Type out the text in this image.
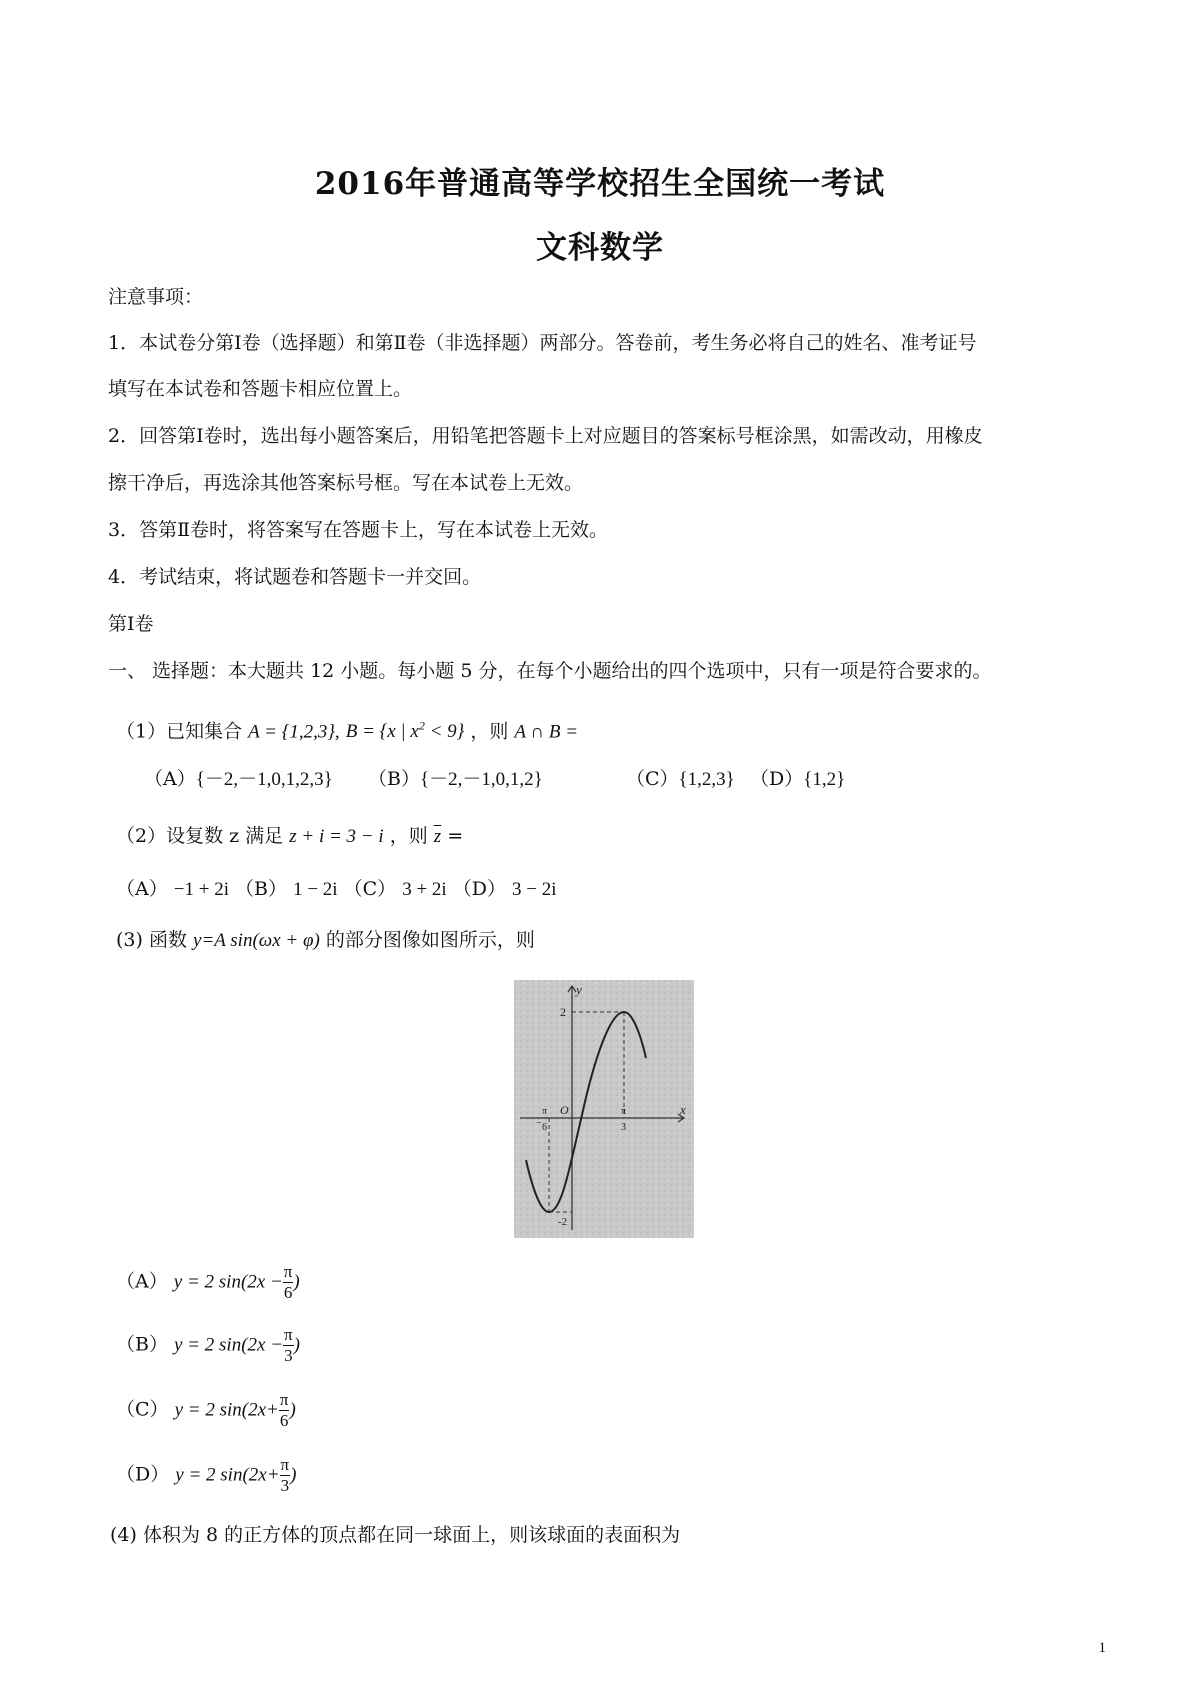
2016年普通高等学校招生全国统一考试
文科数学
注意事项：
1．本试卷分第Ⅰ卷（选择题）和第Ⅱ卷（非选择题）两部分。答卷前，考生务必将自己的姓名、准考证号
填写在本试卷和答题卡相应位置上。
2．回答第Ⅰ卷时，选出每小题答案后，用铅笔把答题卡上对应题目的答案标号框涂黑，如需改动，用橡皮
擦干净后，再选涂其他答案标号框。写在本试卷上无效。
3．答第Ⅱ卷时，将答案写在答题卡上，写在本试卷上无效。
4．考试结束，将试题卷和答题卡一并交回。
第Ⅰ卷
一、 选择题：本大题共 12 小题。每小题 5 分，在每个小题给出的四个选项中，只有一项是符合要求的。
（1）已知集合 A = {1,2,3}, B = {x | $x^2 < 9$} ，则 A ∩ B =
（A）{－2,－1,0,1,2,3} （B）{－2,－1,0,1,2}	（C）{1,2,3} （D）{1,2}
（2）设复数 z 满足 z + i = 3 − i ，则 $\overline{z}$ =
（A） −1 + 2i （B） 1 − 2i （C） 3 + 2i （D） 3 − 2i
(3) 函数 y=A sin(ωx + φ) 的部分图像如图所示，则
y
x
O
2
-2
−
π
6
π
3
（A） y = 2 $\sin(2x - \frac{\pi}{6}$ )
（B） y = 2 $\sin(2x - \frac{\pi}{3}$ )
（C） y = 2 $\sin(2x+ \frac{\pi}{6}$ )
（D） y = 2 $\sin(2x+ \frac{\pi}{3}$ )
(4) 体积为 8 的正方体的顶点都在同一球面上，则该球面的表面积为
1
